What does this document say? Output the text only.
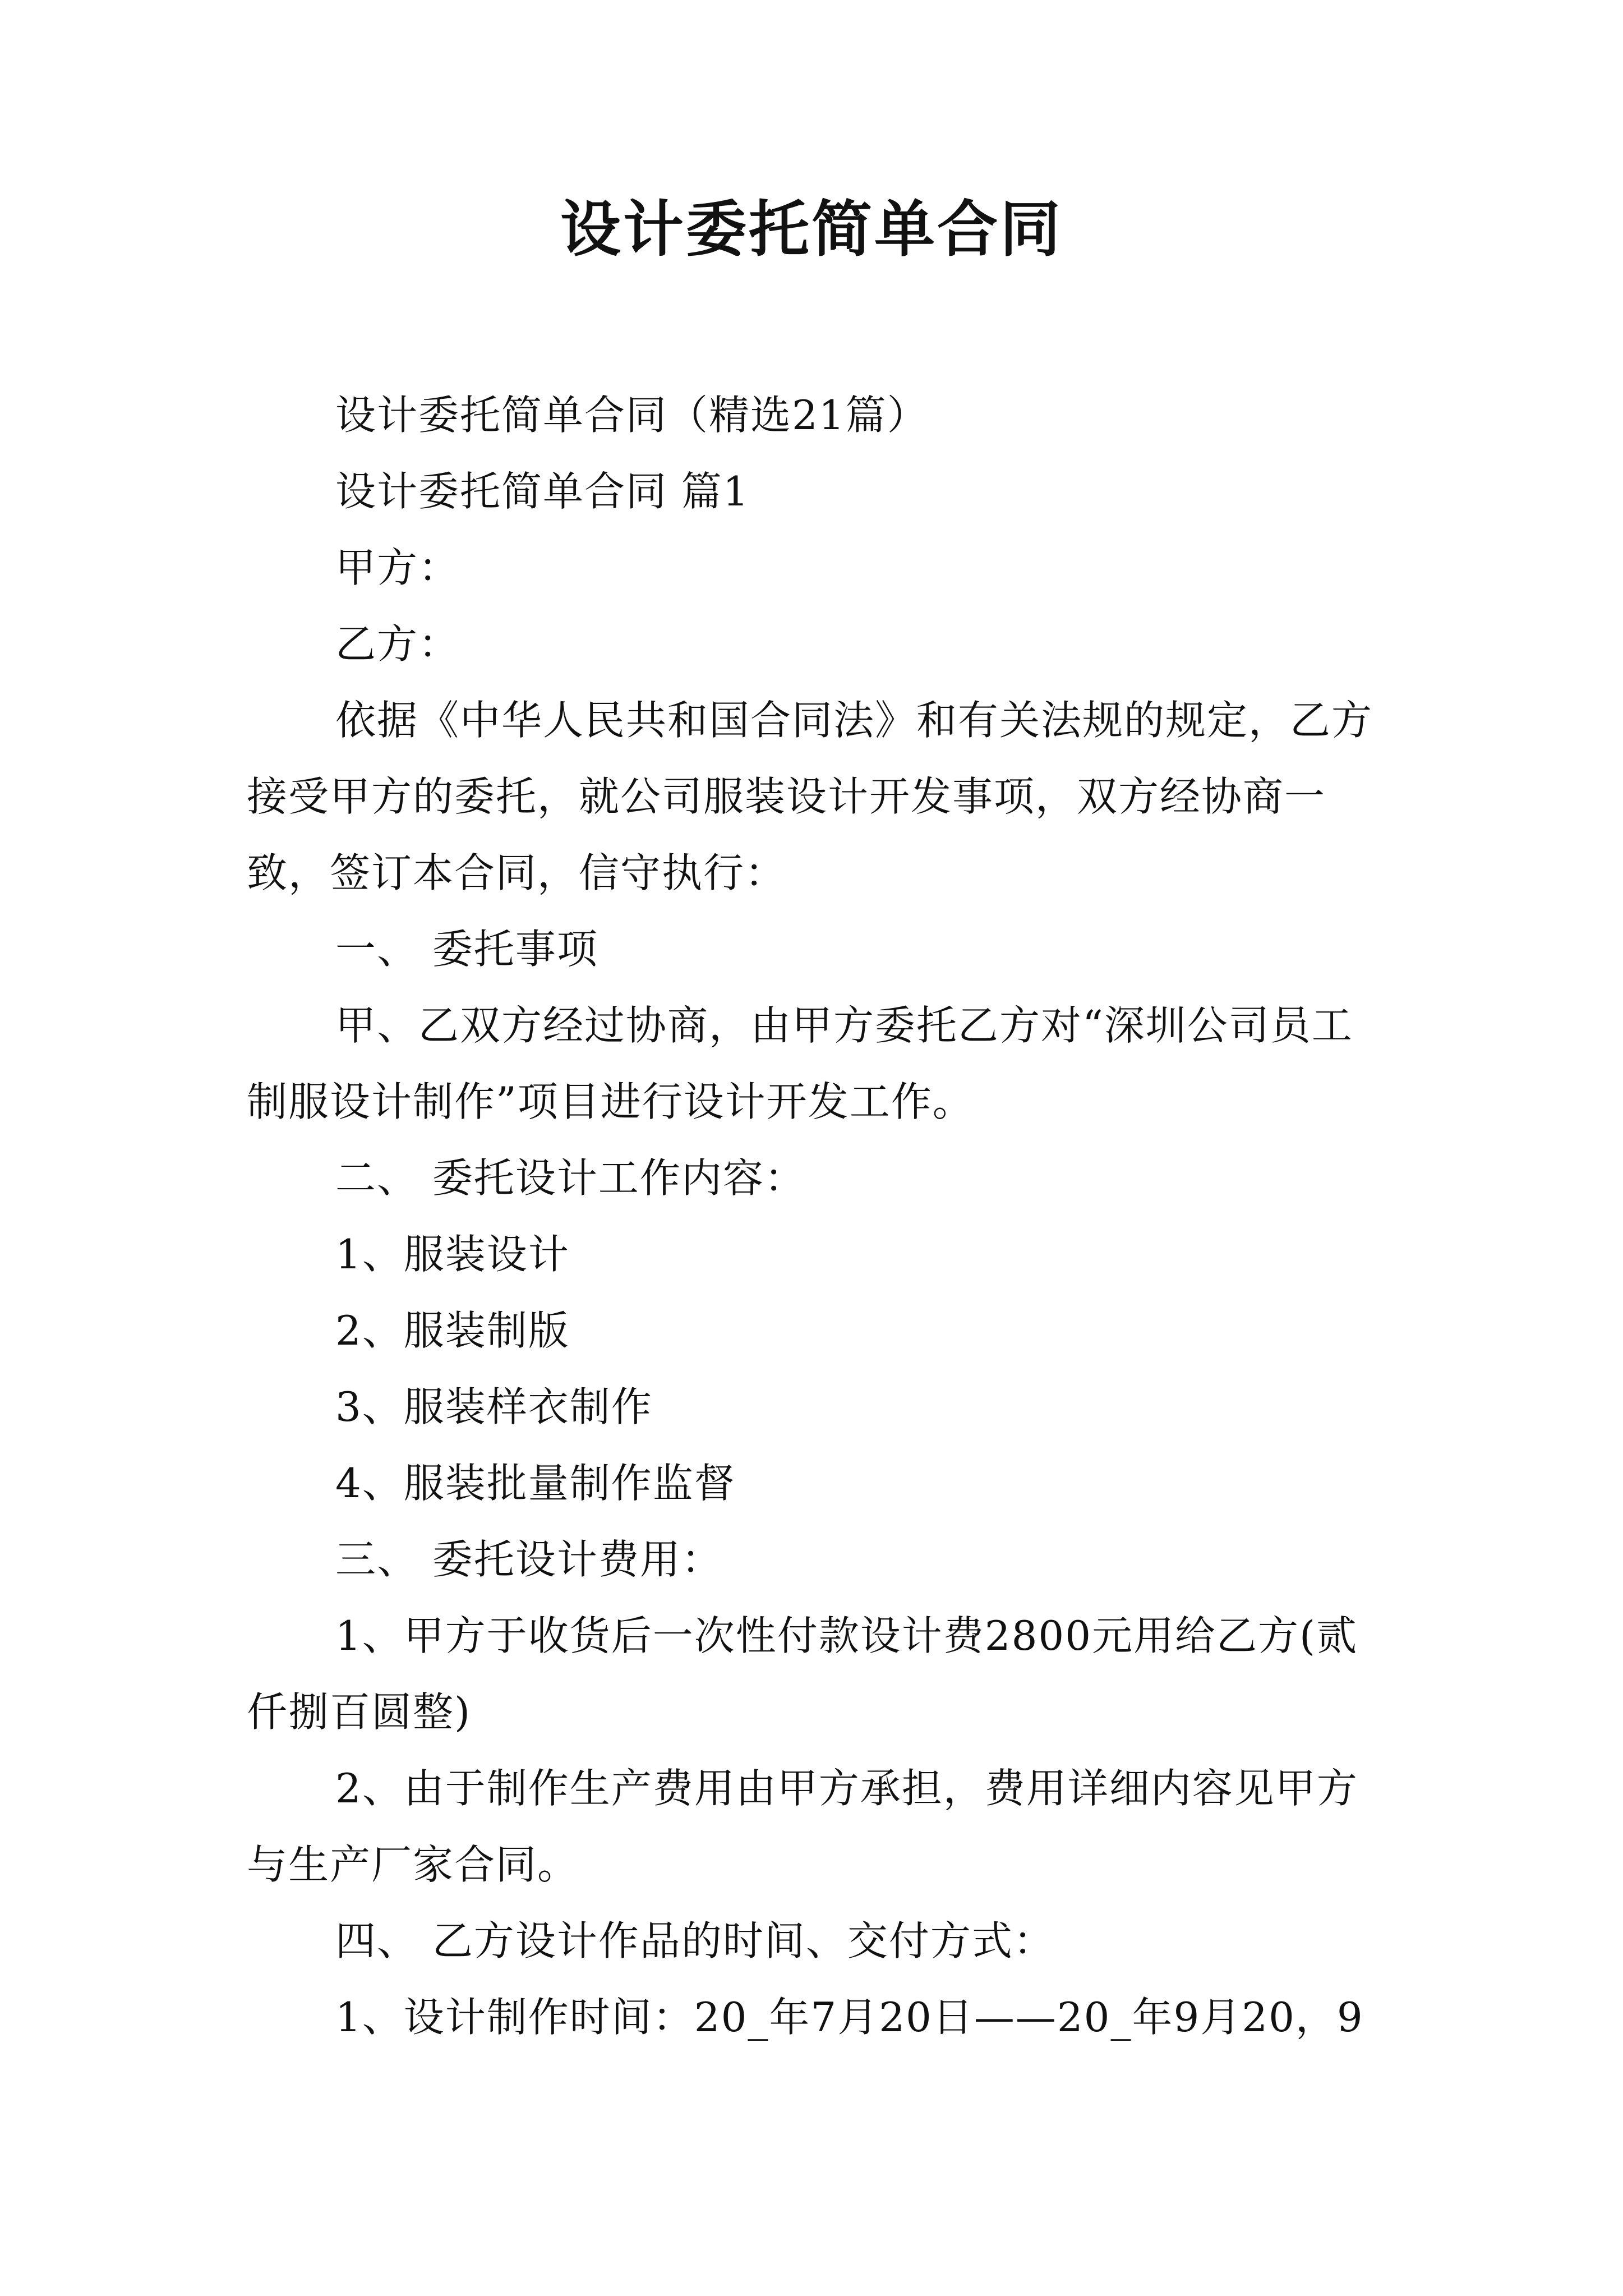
设计委托简单合同

设计委托简单合同（精选21篇）

设计委托简单合同 篇1

甲方：

乙方：

依据《中华人民共和国合同法》和有关法规的规定，乙方接受甲方的委托，就公司服装设计开发事项，双方经协商一致，签订本合同，信守执行：

一、 委托事项

甲、乙双方经过协商，由甲方委托乙方对“深圳公司员工制服设计制作”项目进行设计开发工作。

二、 委托设计工作内容：

1、服装设计

2、服装制版

3、服装样衣制作

4、服装批量制作监督

三、 委托设计费用：

1、甲方于收货后一次性付款设计费2800元用给乙方(贰仟捌百圆整)

2、由于制作生产费用由甲方承担，费用详细内容见甲方与生产厂家合同。

四、 乙方设计作品的时间、交付方式：

1、设计制作时间：20_年7月20日——20_年9月20，9
